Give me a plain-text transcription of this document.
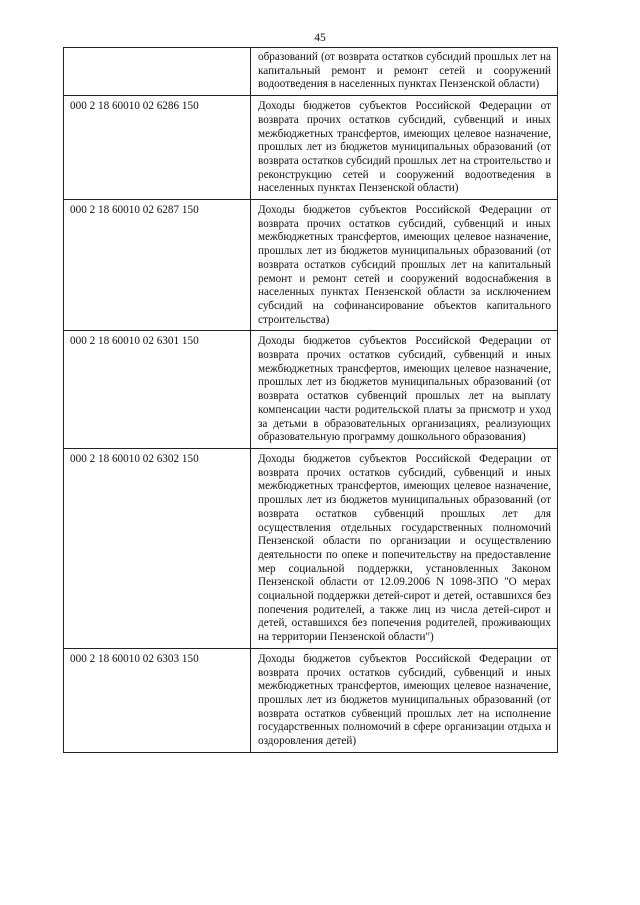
45
	образований (от возврата остатков субсидий прошлых лет на капитальный ремонт и ремонт сетей и сооружений водоотведения в населенных пунктах Пензенской области)
000 2 18 60010 02 6286 150	Доходы бюджетов субъектов Российской Федерации от возврата прочих остатков субсидий, субвенций и иных межбюджетных трансфертов, имеющих целевое назначение, прошлых лет из бюджетов муниципальных образований (от возврата остатков субсидий прошлых лет на строительство и реконструкцию сетей и сооружений водоотведения в населенных пунктах Пензенской области)
000 2 18 60010 02 6287 150	Доходы бюджетов субъектов Российской Федерации от возврата прочих остатков субсидий, субвенций и иных межбюджетных трансфертов, имеющих целевое назначение, прошлых лет из бюджетов муниципальных образований (от возврата остатков субсидий прошлых лет на капитальный ремонт и ремонт сетей и сооружений водоснабжения в населенных пунктах Пензенской области за исключением субсидий на софинансирование объектов капитального строительства)
000 2 18 60010 02 6301 150	Доходы бюджетов субъектов Российской Федерации от возврата прочих остатков субсидий, субвенций и иных межбюджетных трансфертов, имеющих целевое назначение, прошлых лет из бюджетов муниципальных образований (от возврата остатков субвенций прошлых лет на выплату компенсации части родительской платы за присмотр и уход за детьми в образовательных организациях, реализующих образовательную программу дошкольного образования)
000 2 18 60010 02 6302 150	Доходы бюджетов субъектов Российской Федерации от возврата прочих остатков субсидий, субвенций и иных межбюджетных трансфертов, имеющих целевое назначение, прошлых лет из бюджетов муниципальных образований (от возврата остатков субвенций прошлых лет для осуществления отдельных государственных полномочий Пензенской области по организации и осуществлению деятельности по опеке и попечительству на предоставление мер социальной поддержки, установленных Законом Пензенской области от 12.09.2006 N 1098-ЗПО "О мерах социальной поддержки детей-сирот и детей, оставшихся без попечения родителей, а также лиц из числа детей-сирот и детей, оставшихся без попечения родителей, проживающих на территории Пензенской области")
000 2 18 60010 02 6303 150	Доходы бюджетов субъектов Российской Федерации от возврата прочих остатков субсидий, субвенций и иных межбюджетных трансфертов, имеющих целевое назначение, прошлых лет из бюджетов муниципальных образований (от возврата остатков субвенций прошлых лет на исполнение государственных полномочий в сфере организации отдыха и оздоровления детей)
